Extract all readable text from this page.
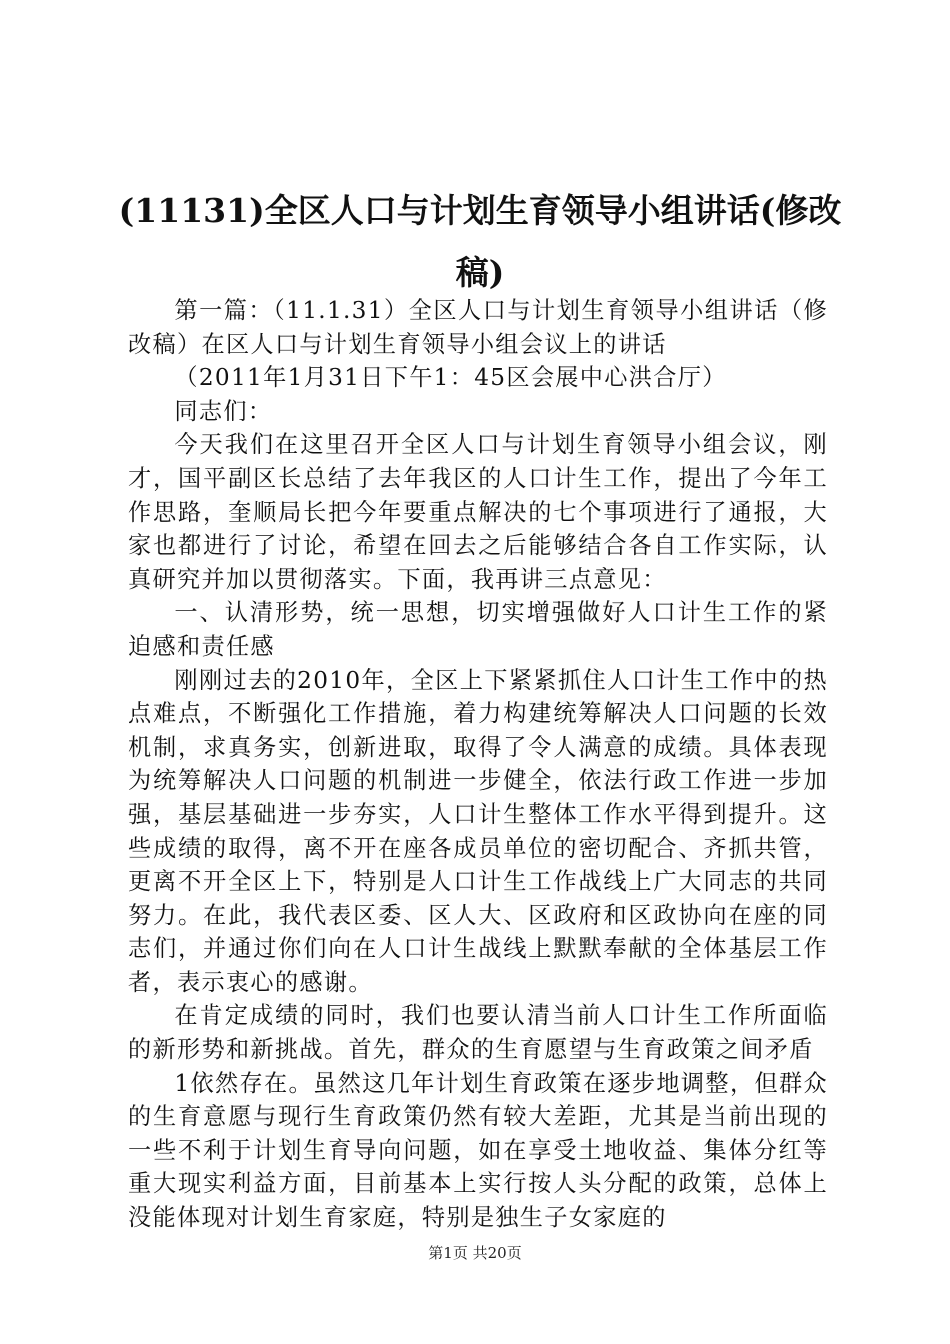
(11131)全区人口与计划生育领导小组讲话(修改稿)

第一篇：（11.1.31）全区人口与计划生育领导小组讲话（修改稿）在区人口与计划生育领导小组会议上的讲话

（2011年1月31日下午1：45区会展中心洪合厅）

同志们：

今天我们在这里召开全区人口与计划生育领导小组会议，刚才，国平副区长总结了去年我区的人口计生工作，提出了今年工作思路，奎顺局长把今年要重点解决的七个事项进行了通报，大家也都进行了讨论，希望在回去之后能够结合各自工作实际，认真研究并加以贯彻落实。下面，我再讲三点意见：

一、认清形势，统一思想，切实增强做好人口计生工作的紧迫感和责任感

刚刚过去的2010年，全区上下紧紧抓住人口计生工作中的热点难点，不断强化工作措施，着力构建统筹解决人口问题的长效机制，求真务实，创新进取，取得了令人满意的成绩。具体表现为统筹解决人口问题的机制进一步健全，依法行政工作进一步加强，基层基础进一步夯实，人口计生整体工作水平得到提升。这些成绩的取得，离不开在座各成员单位的密切配合、齐抓共管，更离不开全区上下，特别是人口计生工作战线上广大同志的共同努力。在此，我代表区委、区人大、区政府和区政协向在座的同志们，并通过你们向在人口计生战线上默默奉献的全体基层工作者，表示衷心的感谢。

在肯定成绩的同时，我们也要认清当前人口计生工作所面临的新形势和新挑战。首先，群众的生育愿望与生育政策之间矛盾

1依然存在。虽然这几年计划生育政策在逐步地调整，但群众的生育意愿与现行生育政策仍然有较大差距，尤其是当前出现的一些不利于计划生育导向问题，如在享受土地收益、集体分红等重大现实利益方面，目前基本上实行按人头分配的政策，总体上没能体现对计划生育家庭，特别是独生子女家庭的

第1页 共20页
